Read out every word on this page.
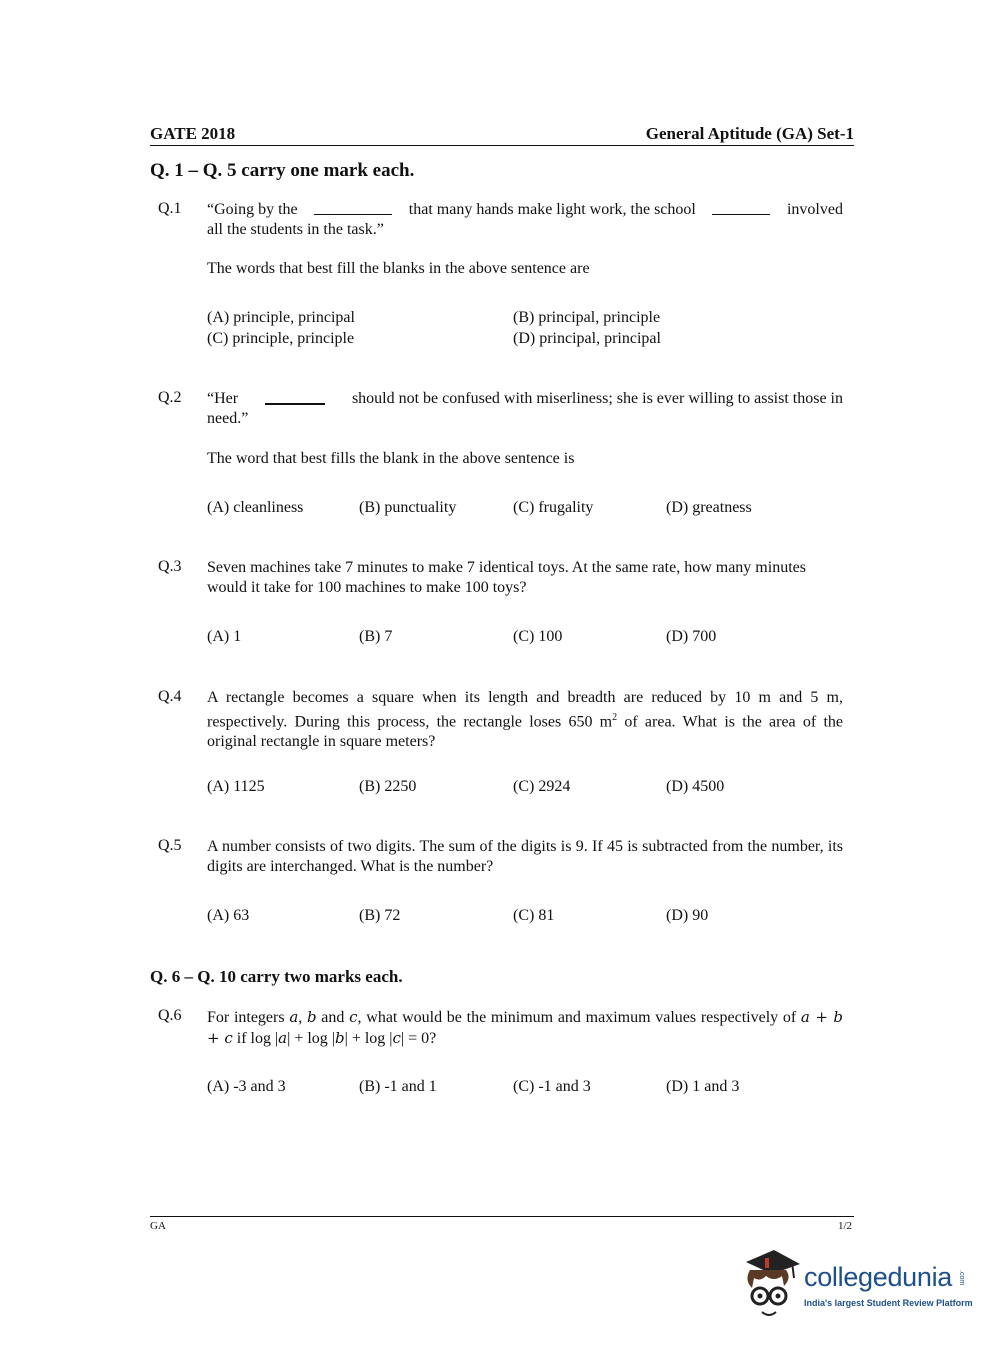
GATE 2018	General Aptitude (GA) Set-1
Q. 1 – Q. 5 carry one mark each.
Q.1 “Going by the	that many hands make light work, the school	involved
all the students in the task.”
The words that best fill the blanks in the above sentence are
(A) principle, principal	(B) principal, principle
(C) principle, principle	(D) principal, principal
Q.2 “Her	should not be confused with miserliness; she is ever willing to assist those in
need.”
The word that best fills the blank in the above sentence is
(A) cleanliness	(B) punctuality	(C) frugality	(D) greatness
Q.3 Seven machines take 7 minutes to make 7 identical toys. At the same rate, how many minutes would it take for 100 machines to make 100 toys?
(A) 1	(B) 7	(C) 100	(D) 700
Q.4 A rectangle becomes a square when its length and breadth are reduced by 10 m and 5 m, respectively. During this process, the rectangle loses 650 $m^2$ of area. What is the area of the original rectangle in square meters?
(A) 1125	(B) 2250	(C) 2924	(D) 4500
Q.5 A number consists of two digits. The sum of the digits is 9. If 45 is subtracted from the number, its digits are interchanged. What is the number?
(A) 63	(B) 72	(C) 81	(D) 90
Q. 6 – Q. 10 carry two marks each.
Q.6 For integers a, b and c, what would be the minimum and maximum values respectively of a + b + c if log |a| + log |b| + log |c| = 0?
(A) -3 and 3	(B) -1 and 1	(C) -1 and 3	(D) 1 and 3
GA	1/2
collegedunia .com
India's largest Student Review Platform
